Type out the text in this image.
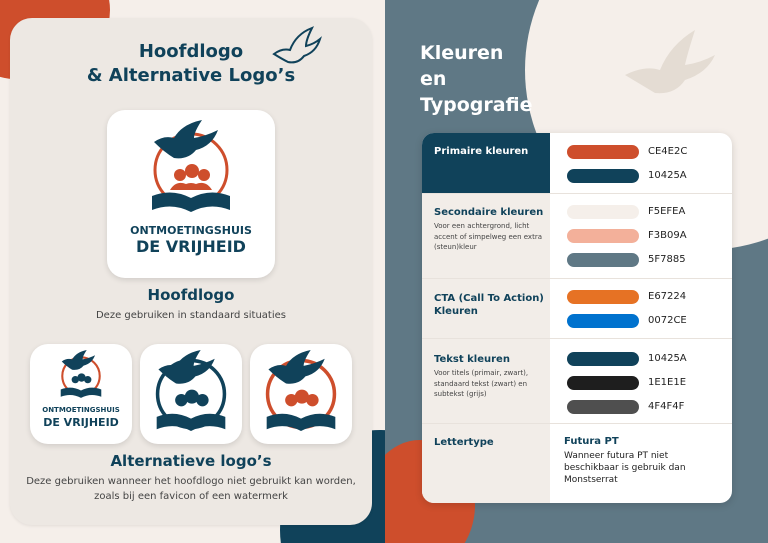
Hoofdlogo
& Alternative Logo’s
ONTMOETINGSHUIS
DE VRIJHEID
Hoofdlogo
Deze gebruiken in standaard situaties
ONTMOETINGSHUIS
DE VRIJHEID
Alternatieve logo’s
Deze gebruiken wanneer het hoofdlogo niet gebruikt kan worden,
zoals bij een favicon of een watermerk
Kleuren
en
Typografie
Primaire kleuren	CE4E2C
10425A
Secondaire kleuren
Voor een achtergrond, licht accent of simpelweg een extra (steun)kleur
F5EFEA
F3B09A
5F7885
CTA (Call To Action)
Kleuren
E67224
0072CE
Tekst kleuren
Voor titels (primair, zwart), standaard tekst (zwart) en subtekst (grijs)
10425A
1E1E1E
4F4F4F
Lettertype	Futura PT
Wanneer futura PT niet beschikbaar is gebruik dan Monstserrat
